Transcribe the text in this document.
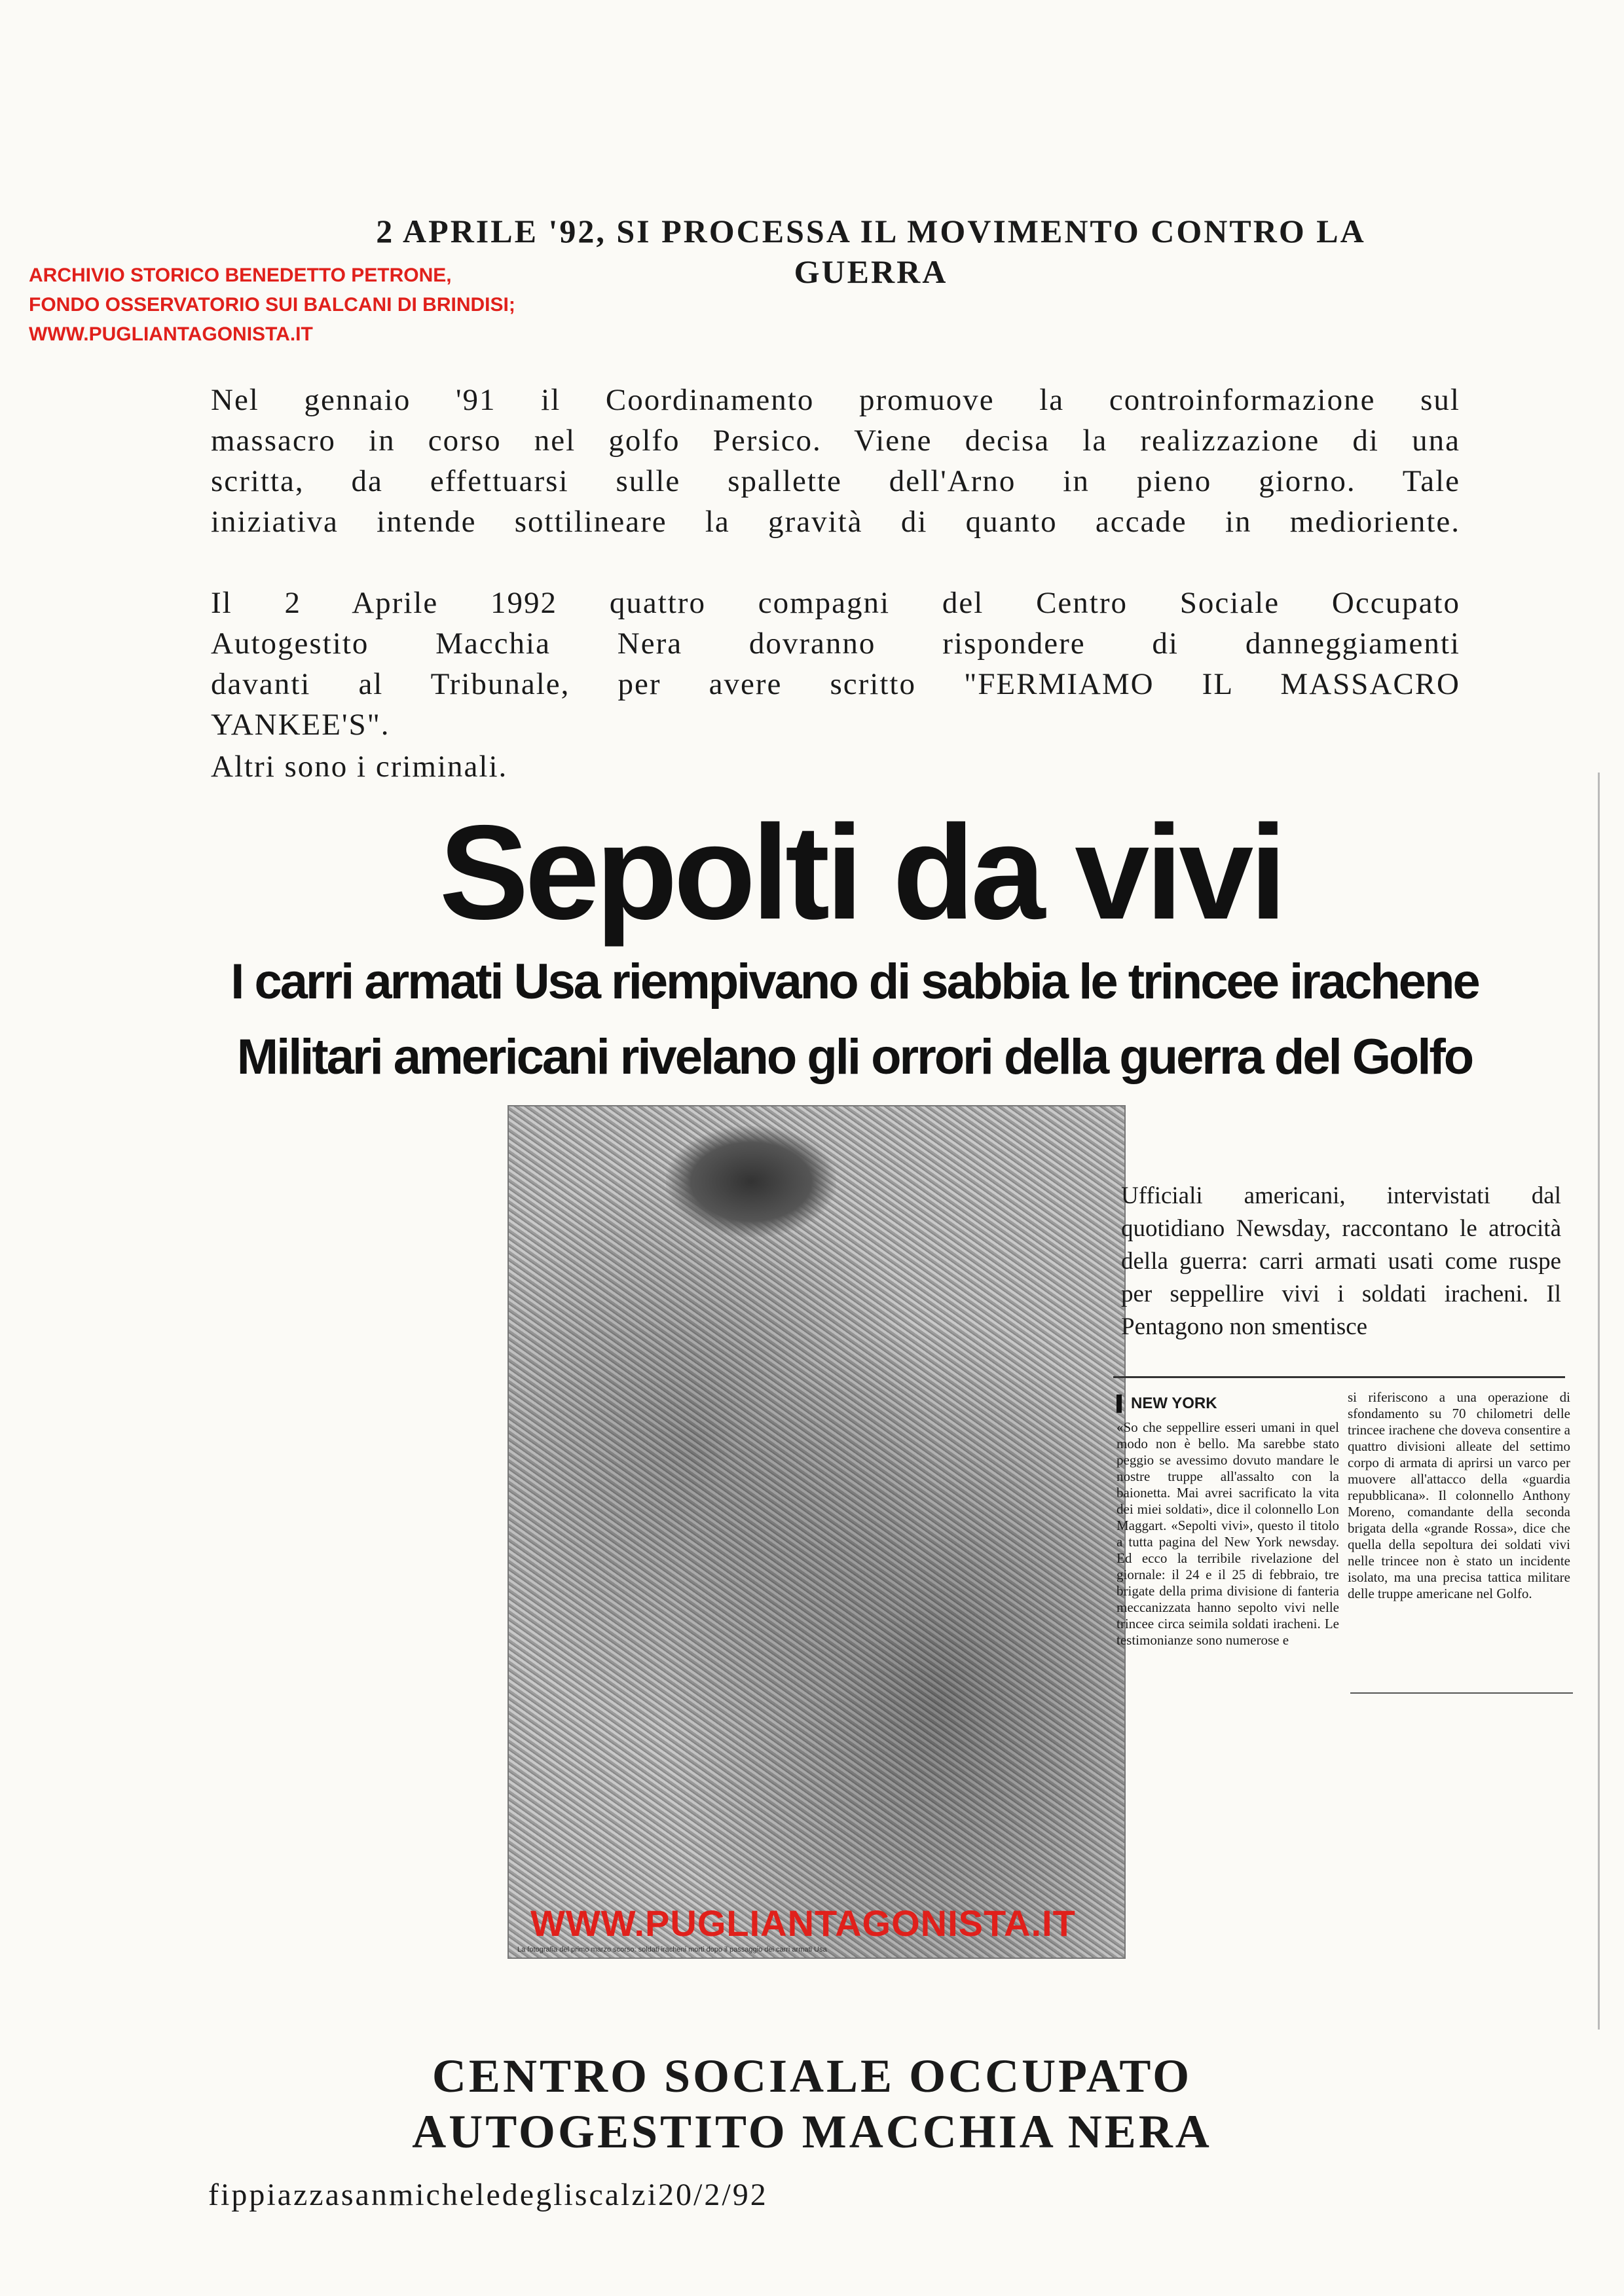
2 APRILE '92, SI PROCESSA IL MOVIMENTO CONTRO LA
GUERRA
ARCHIVIO STORICO BENEDETTO PETRONE,
FONDO OSSERVATORIO SUI BALCANI DI BRINDISI;
WWW.PUGLIANTAGONISTA.IT
Nel gennaio '91 il Coordinamento promuove la controinformazione sul
massacro in corso nel golfo Persico. Viene decisa la realizzazione di una
scritta, da effettuarsi sulle spallette dell'Arno in pieno giorno. Tale
iniziativa intende sottilineare la gravità di quanto accade in medioriente.
Il 2 Aprile 1992 quattro compagni del Centro Sociale Occupato
Autogestito Macchia Nera dovranno rispondere di danneggiamenti
davanti al Tribunale, per avere scritto "FERMIAMO IL MASSACRO
YANKEE'S".
Altri sono i criminali.
Sepolti da vivi
I carri armati Usa riempivano di sabbia le trincee irachene
Militari americani rivelano gli orrori della guerra del Golfo
La fotografia del primo marzo scorso: soldati iracheni morti dopo il passaggio dei carri armati Usa
Ufficiali americani, intervistati dal quotidiano Newsday, raccontano le atrocità della guerra: carri armati usati come ruspe per seppellire vivi i soldati iracheni. Il Pentagono non smentisce
NEW YORK
«So che seppellire esseri umani in quel modo non è bello. Ma sarebbe stato peggio se avessimo dovuto mandare le nostre truppe all'assalto con la baionetta. Mai avrei sacrificato la vita dei miei soldati», dice il colonnello Lon Maggart. «Sepolti vivi», questo il titolo a tutta pagina del New York newsday. Ed ecco la terribile rivelazione del giornale: il 24 e il 25 di febbraio, tre brigate della prima divisione di fanteria meccanizzata hanno sepolto vivi nelle trincee circa seimila soldati iracheni. Le testimonianze sono numerose e
si riferiscono a una operazione di sfondamento su 70 chilometri delle trincee irachene che doveva consentire a quattro divisioni alleate del settimo corpo di armata di aprirsi un varco per muovere all'attacco della «guardia repubblicana». Il colonnello Anthony Moreno, comandante della seconda brigata della «grande Rossa», dice che quella della sepoltura dei soldati vivi nelle trincee non è stato un incidente isolato, ma una precisa tattica militare delle truppe americane nel Golfo.
WWW.PUGLIANTAGONISTA.IT
CENTRO SOCIALE OCCUPATO
AUTOGESTITO MACCHIA NERA
fippiazzasanmicheledegliscalzi20/2/92
